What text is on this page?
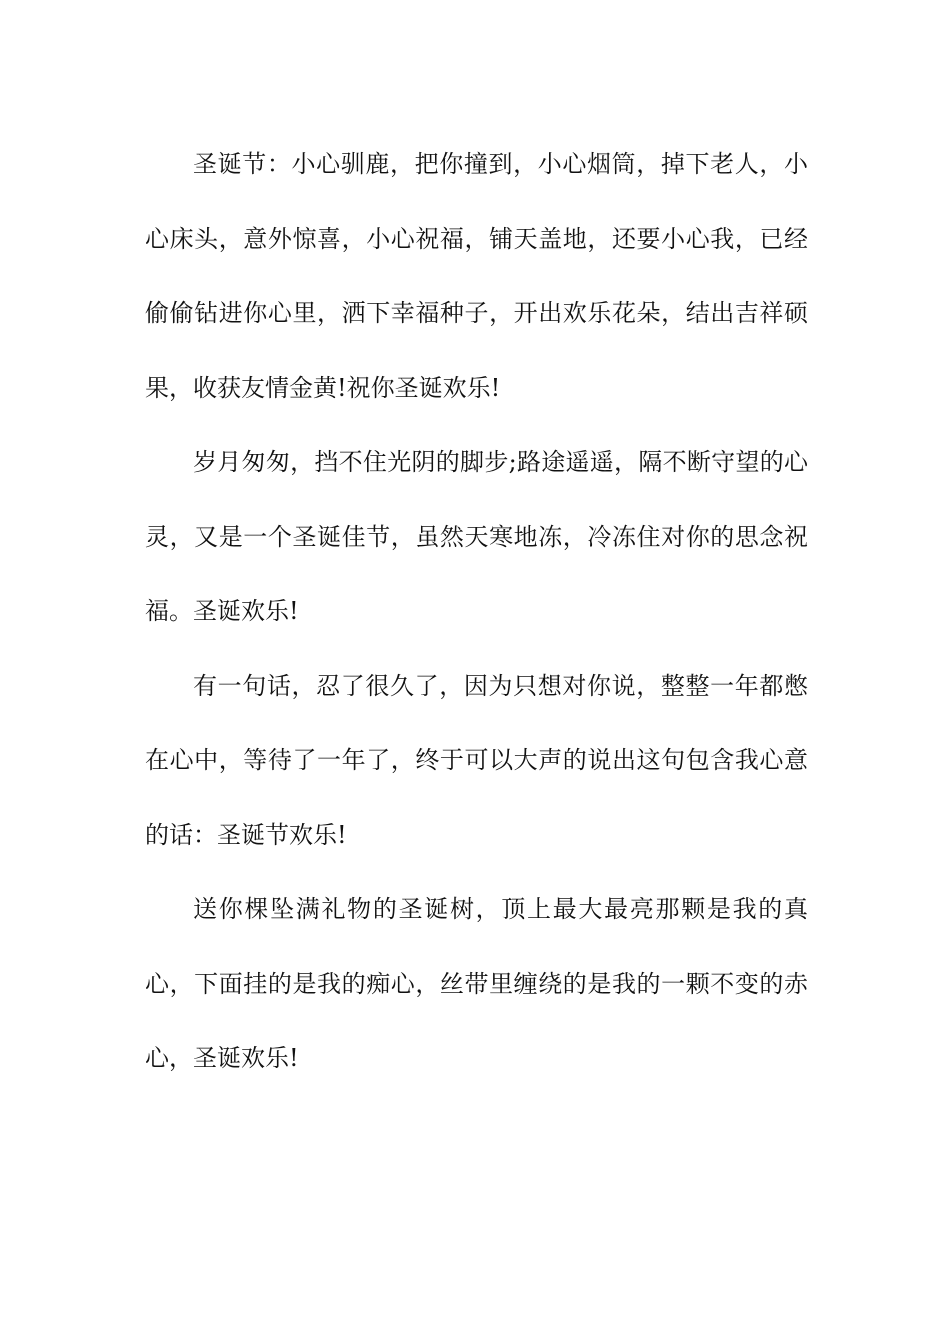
圣诞节：小心驯鹿，把你撞到，小心烟筒，掉下老人，小心床头，意外惊喜，小心祝福，铺天盖地，还要小心我，已经偷偷钻进你心里，洒下幸福种子，开出欢乐花朵，结出吉祥硕果，收获友情金黄!祝你圣诞欢乐!

岁月匆匆，挡不住光阴的脚步;路途遥遥，隔不断守望的心灵，又是一个圣诞佳节，虽然天寒地冻，冷冻住对你的思念祝福。圣诞欢乐!

有一句话，忍了很久了，因为只想对你说，整整一年都憋在心中，等待了一年了，终于可以大声的说出这句包含我心意的话：圣诞节欢乐!

送你棵坠满礼物的圣诞树，顶上最大最亮那颗是我的真心，下面挂的是我的痴心，丝带里缠绕的是我的一颗不变的赤心，圣诞欢乐!
